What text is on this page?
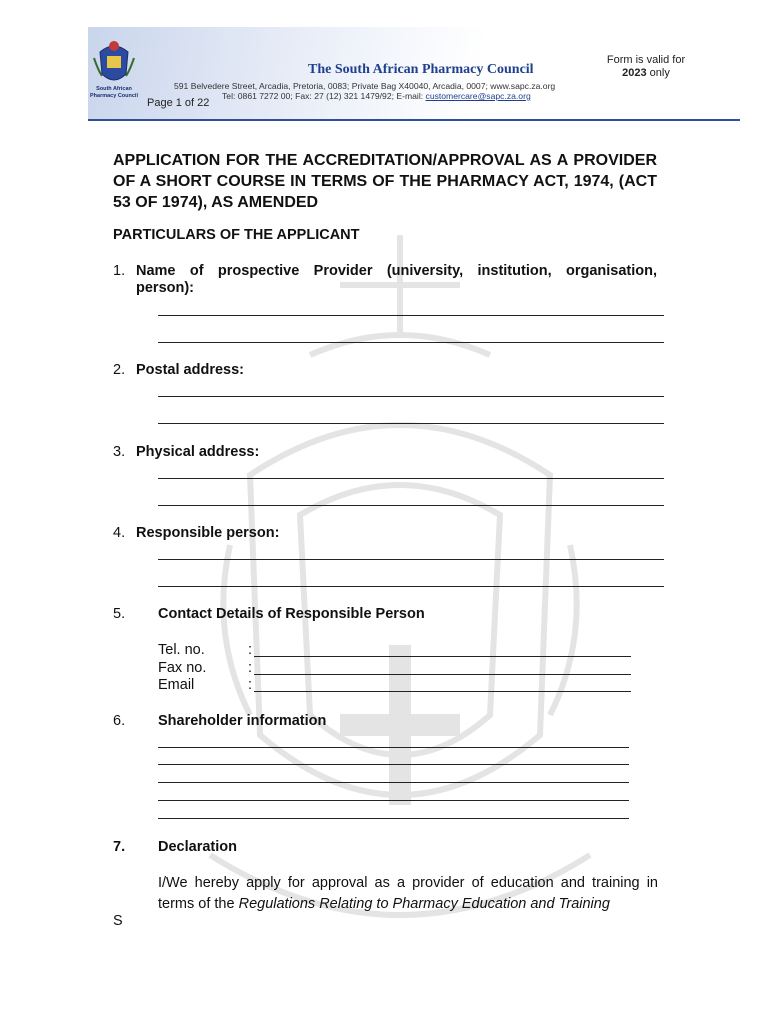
South African
Pharmacy Council
The South African Pharmacy Council
591 Belvedere Street, Arcadia, Pretoria, 0083; Private Bag X40040, Arcadia, 0007; www.sapc.za.org
Tel: 0861 7272 00; Fax: 27 (12) 321 1479/92; E-mail: customercare@sapc.za.org
Form is valid for
2023 only
Page 1 of 22
APPLICATION FOR THE ACCREDITATION/APPROVAL AS A PROVIDER OF A SHORT COURSE IN TERMS OF THE PHARMACY ACT, 1974, (ACT 53 OF 1974), AS AMENDED
PARTICULARS OF THE APPLICANT
1. Name of prospective Provider (university, institution, organisation,
person):
2. Postal address:
3. Physical address:
4. Responsible person:
5. Contact Details of Responsible Person
Tel. no.	:
Fax no.	:
Email	:
6. Shareholder information
7. Declaration
I/We hereby apply for approval as a provider of education and training in terms of the Regulations Relating to Pharmacy Education and Training
S
